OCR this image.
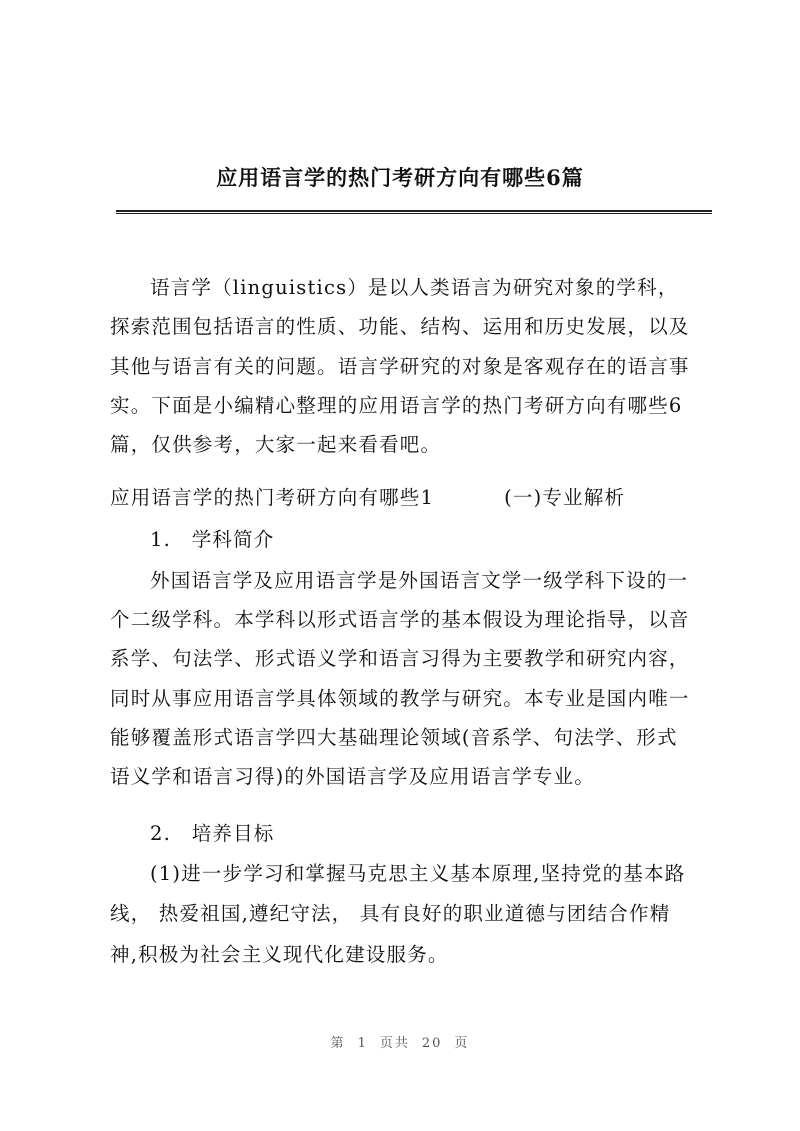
应用语言学的热门考研方向有哪些6篇
语言学（linguistics）是以人类语言为研究对象的学科，
探索范围包括语言的性质、功能、结构、运用和历史发展，以及
其他与语言有关的问题。语言学研究的对象是客观存在的语言事
实。下面是小编精心整理的应用语言学的热门考研方向有哪些6
篇，仅供参考，大家一起来看看吧。
应用语言学的热门考研方向有哪些1	(一)专业解析
1.　学科简介
外国语言学及应用语言学是外国语言文学一级学科下设的一
个二级学科。本学科以形式语言学的基本假设为理论指导，以音
系学、句法学、形式语义学和语言习得为主要教学和研究内容，
同时从事应用语言学具体领域的教学与研究。本专业是国内唯一
能够覆盖形式语言学四大基础理论领域(音系学、句法学、形式
语义学和语言习得)的外国语言学及应用语言学专业。
2.　培养目标
(1)进一步学习和掌握马克思主义基本原理,坚持党的基本路
线， 热爱祖国,遵纪守法， 具有良好的职业道德与团结合作精
神,积极为社会主义现代化建设服务。
第 1 页共 20 页
